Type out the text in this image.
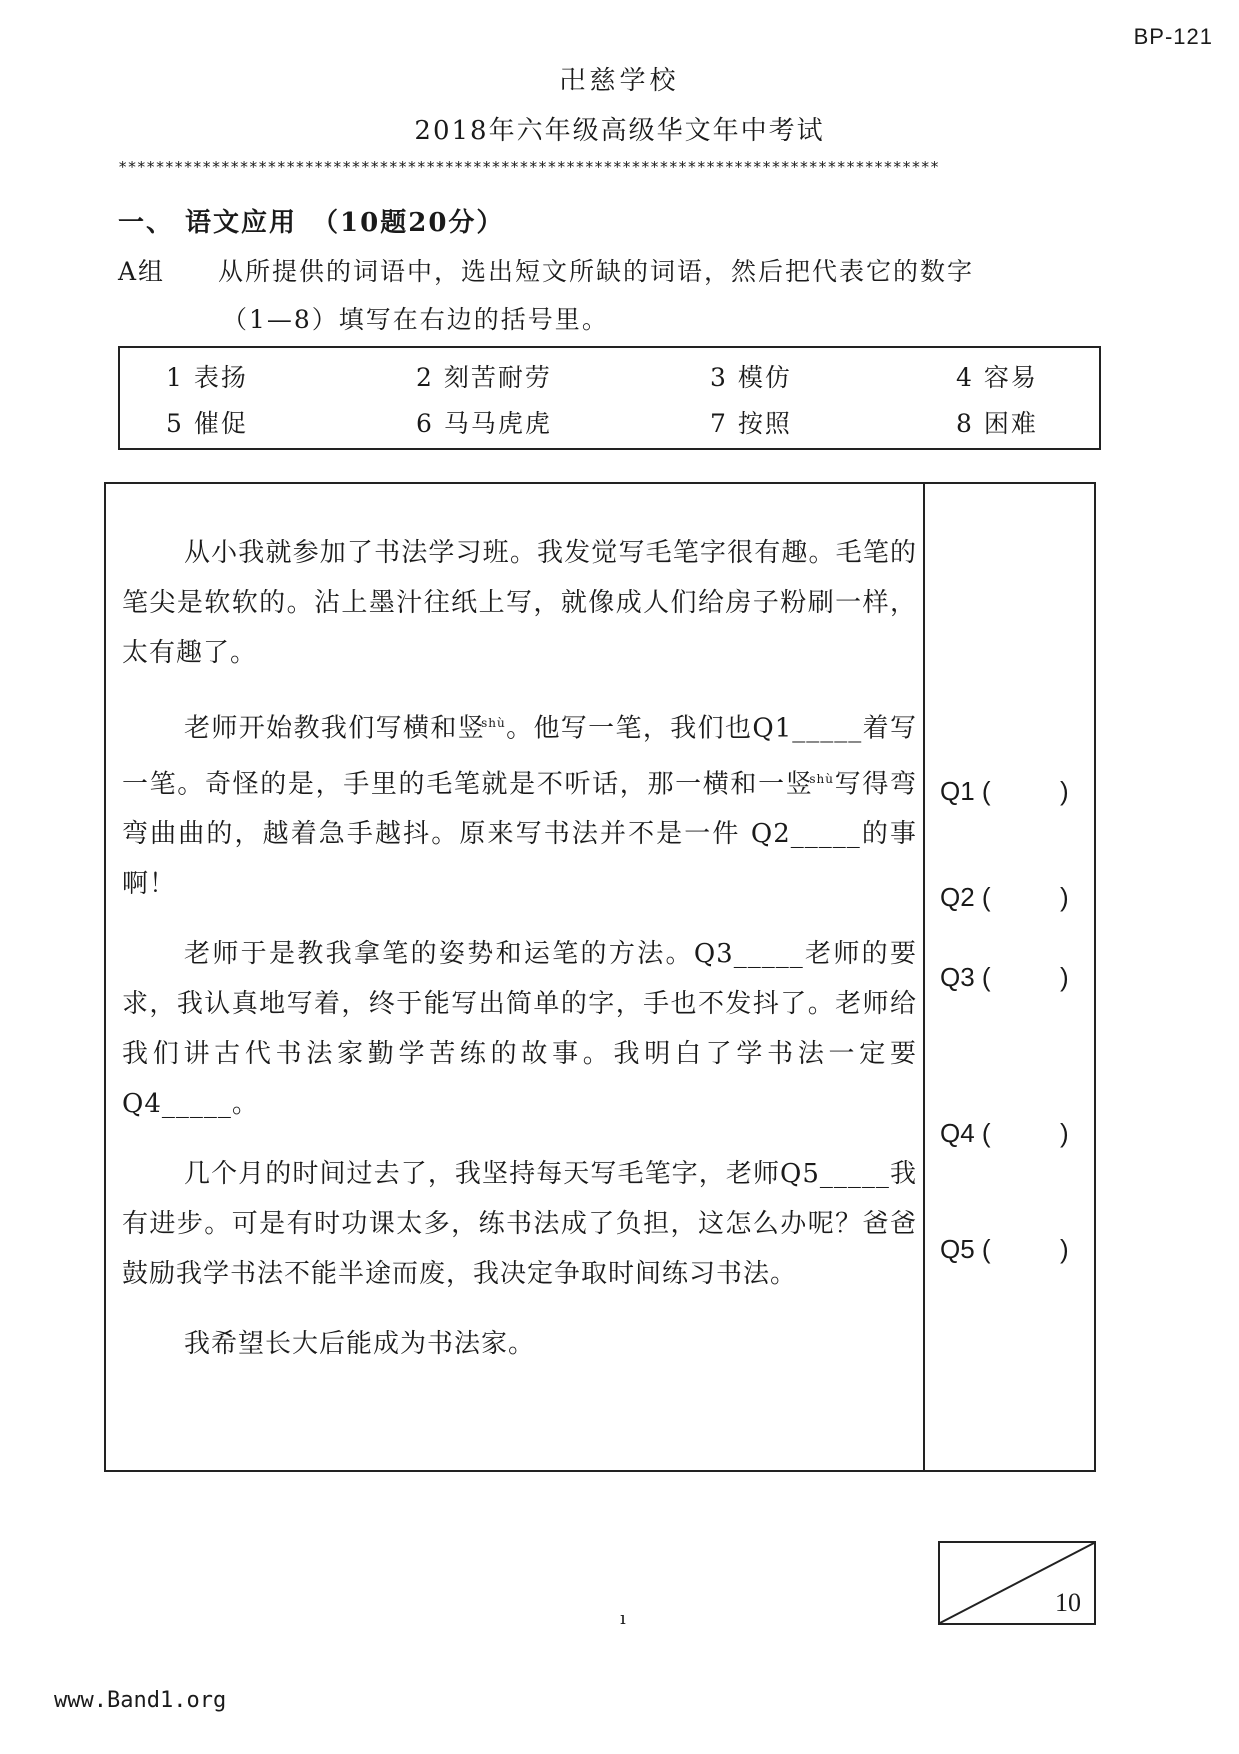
BP-121
卍慈学校
2018年六年级高级华文年中考试
****************************************************************************************
一、 语文应用　（10题20分）
A组 从所提供的词语中，选出短文所缺的词语，然后把代表它的数字
（1—8）填写在右边的括号里。
1 表扬	2 刻苦耐劳	3 模仿	4 容易
5 催促	6 马马虎虎	7 按照	8 困难

从小我就参加了书法学习班。我发觉写毛笔字很有趣。毛笔的笔尖是软软的。沾上墨汁往纸上写，就像成人们给房子粉刷一样，太有趣了。

老师开始教我们写横和竖$^{shù}$。他写一笔，我们也Q1_____着写一笔。奇怪的是，手里的毛笔就是不听话，那一横和一竖$^{shù}$写得弯弯曲曲的，越着急手越抖。原来写书法并不是一件 Q2_____的事啊！

老师于是教我拿笔的姿势和运笔的方法。Q3_____老师的要求，我认真地写着，终于能写出简单的字，手也不发抖了。老师给我们讲古代书法家勤学苦练的故事。我明白了学书法一定要 Q4_____。

几个月的时间过去了，我坚持每天写毛笔字，老师Q5_____我有进步。可是有时功课太多，练书法成了负担，这怎么办呢？爸爸鼓励我学书法不能半途而废，我决定争取时间练习书法。

我希望长大后能成为书法家。

Q1 (	)
Q2 (	)
Q3 (	)
Q4 (	)
Q5 (	)
10
ı
www.Band1.org
